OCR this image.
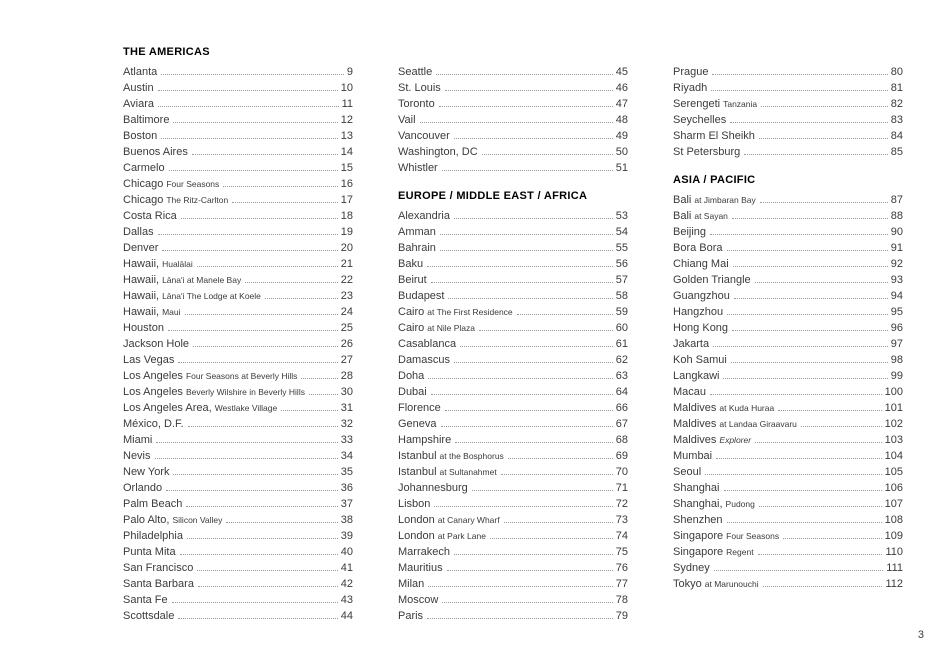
THE AMERICAS
Atlanta	9
Austin	10
Aviara	11
Baltimore	12
Boston	13
Buenos Aires	14
Carmelo	15
Chicago Four Seasons	16
Chicago The Ritz-Carlton	17
Costa Rica	18
Dallas	19
Denver	20
Hawaii, Hualālai	21
Hawaii, Lāna'i at Manele Bay	22
Hawaii, Lāna'i The Lodge at Koele	23
Hawaii, Maui	24
Houston	25
Jackson Hole	26
Las Vegas	27
Los Angeles Four Seasons at Beverly Hills	28
Los Angeles Beverly Wilshire in Beverly Hills	30
Los Angeles Area, Westlake Village	31
México, D.F.	32
Miami	33
Nevis	34
New York	35
Orlando	36
Palm Beach	37
Palo Alto, Silicon Valley	38
Philadelphia	39
Punta Mita	40
San Francisco	41
Santa Barbara	42
Santa Fe	43
Scottsdale	44
Seattle	45
St. Louis	46
Toronto	47
Vail	48
Vancouver	49
Washington, DC	50
Whistler	51
EUROPE / MIDDLE EAST / AFRICA
Alexandria	53
Amman	54
Bahrain	55
Baku	56
Beirut	57
Budapest	58
Cairo at The First Residence	59
Cairo at Nile Plaza	60
Casablanca	61
Damascus	62
Doha	63
Dubai	64
Florence	66
Geneva	67
Hampshire	68
Istanbul at the Bosphorus	69
Istanbul at Sultanahmet	70
Johannesburg	71
Lisbon	72
London at Canary Wharf	73
London at Park Lane	74
Marrakech	75
Mauritius	76
Milan	77
Moscow	78
Paris	79
Prague	80
Riyadh	81
Serengeti Tanzania	82
Seychelles	83
Sharm El Sheikh	84
St Petersburg	85
ASIA / PACIFIC
Bali at Jimbaran Bay	87
Bali at Sayan	88
Beijing	90
Bora Bora	91
Chiang Mai	92
Golden Triangle	93
Guangzhou	94
Hangzhou	95
Hong Kong	96
Jakarta	97
Koh Samui	98
Langkawi	99
Macau	100
Maldives at Kuda Huraa	101
Maldives at Landaa Giraavaru	102
Maldives Explorer	103
Mumbai	104
Seoul	105
Shanghai	106
Shanghai, Pudong	107
Shenzhen	108
Singapore Four Seasons	109
Singapore Regent	110
Sydney	111
Tokyo at Marunouchi	112
3
